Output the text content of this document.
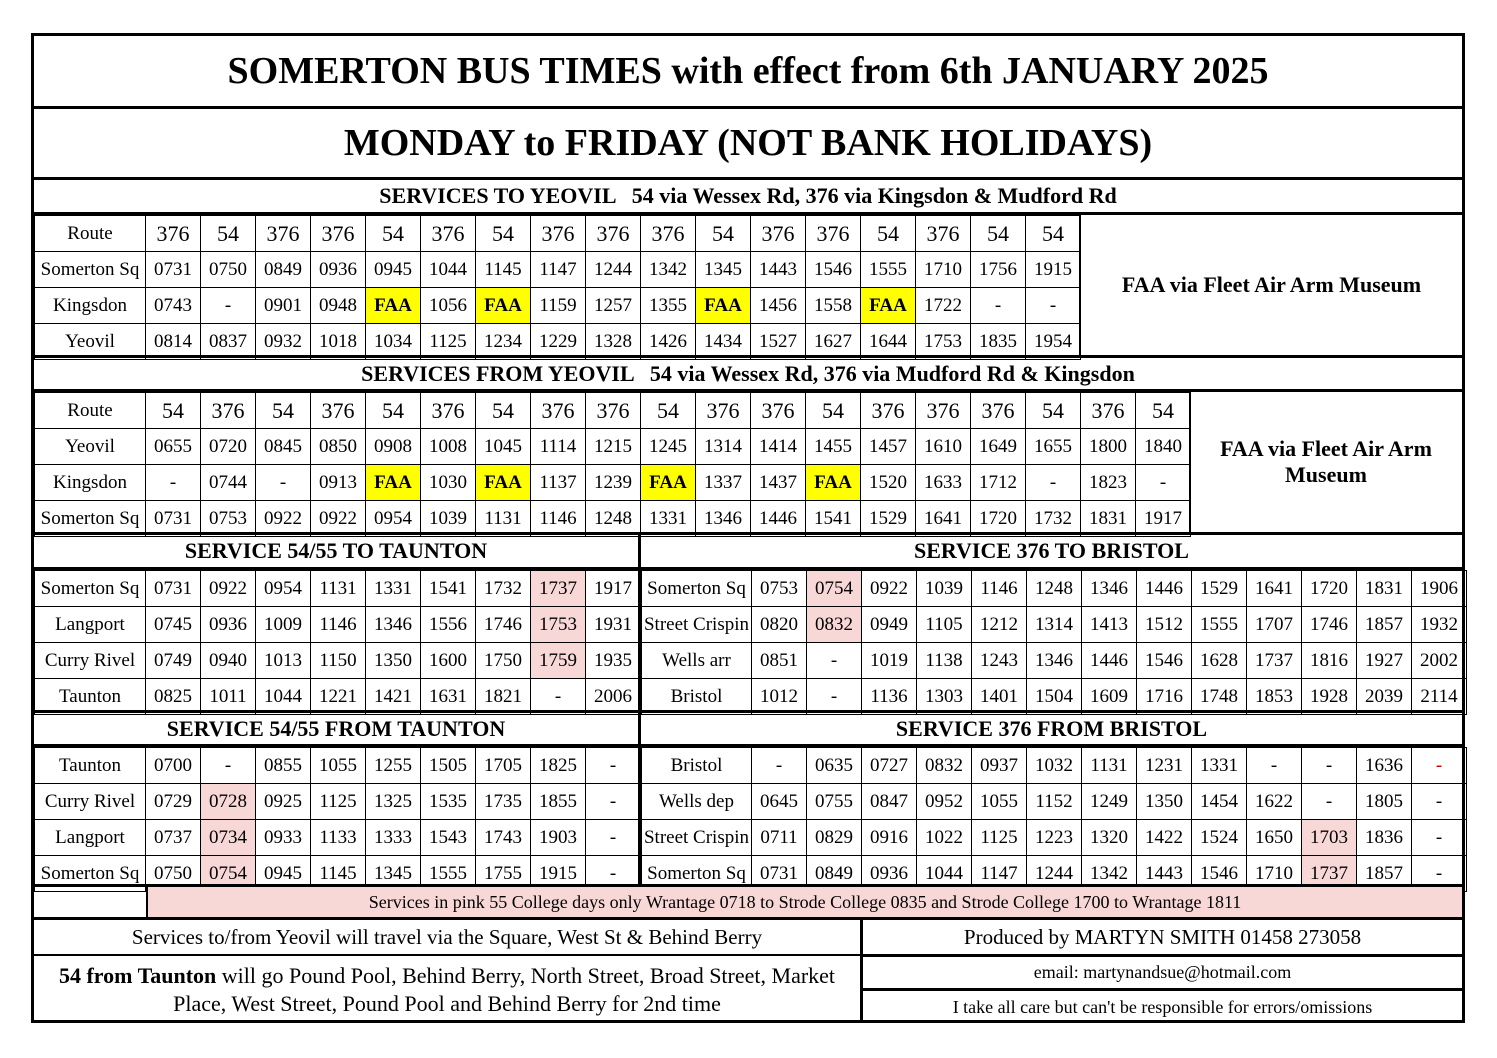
SOMERTON BUS TIMES with effect from 6th JANUARY 2025
MONDAY to FRIDAY (NOT BANK HOLIDAYS)
SERVICES TO YEOVIL   54 via Wessex Rd, 376 via Kingsdon & Mudford Rd
Route	376	54	376	376	54	376	54	376	376	376	54	376	376	54	376	54	54
Somerton Sq	0731	0750	0849	0936	0945	1044	1145	1147	1244	1342	1345	1443	1546	1555	1710	1756	1915
Kingsdon	0743	-	0901	0948	FAA	1056	FAA	1159	1257	1355	FAA	1456	1558	FAA	1722	-	-
Yeovil	0814	0837	0932	1018	1034	1125	1234	1229	1328	1426	1434	1527	1627	1644	1753	1835	1954
FAA via Fleet Air Arm Museum
SERVICES FROM YEOVIL   54 via Wessex Rd, 376 via Mudford Rd & Kingsdon
Route	54	376	54	376	54	376	54	376	376	54	376	376	54	376	376	376	54	376	54
Yeovil	0655	0720	0845	0850	0908	1008	1045	1114	1215	1245	1314	1414	1455	1457	1610	1649	1655	1800	1840
Kingsdon	-	0744	-	0913	FAA	1030	FAA	1137	1239	FAA	1337	1437	FAA	1520	1633	1712	-	1823	-
Somerton Sq	0731	0753	0922	0922	0954	1039	1131	1146	1248	1331	1346	1446	1541	1529	1641	1720	1732	1831	1917
FAA via Fleet Air Arm Museum
SERVICE 54/55 TO TAUNTON	SERVICE 376 TO BRISTOL
Somerton Sq	0731	0922	0954	1131	1331	1541	1732	1737	1917
Langport	0745	0936	1009	1146	1346	1556	1746	1753	1931
Curry Rivel	0749	0940	1013	1150	1350	1600	1750	1759	1935
Taunton	0825	1011	1044	1221	1421	1631	1821	-	2006
Somerton Sq	0753	0754	0922	1039	1146	1248	1346	1446	1529	1641	1720	1831	1906
Street Crispin	0820	0832	0949	1105	1212	1314	1413	1512	1555	1707	1746	1857	1932
Wells arr	0851	-	1019	1138	1243	1346	1446	1546	1628	1737	1816	1927	2002
Bristol	1012	-	1136	1303	1401	1504	1609	1716	1748	1853	1928	2039	2114
SERVICE 54/55 FROM TAUNTON	SERVICE 376 FROM BRISTOL
Taunton	0700	-	0855	1055	1255	1505	1705	1825	-
Curry Rivel	0729	0728	0925	1125	1325	1535	1735	1855	-
Langport	0737	0734	0933	1133	1333	1543	1743	1903	-
Somerton Sq	0750	0754	0945	1145	1345	1555	1755	1915	-
Bristol	-	0635	0727	0832	0937	1032	1131	1231	1331	-	-	1636	-
Wells dep	0645	0755	0847	0952	1055	1152	1249	1350	1454	1622	-	1805	-
Street Crispin	0711	0829	0916	1022	1125	1223	1320	1422	1524	1650	1703	1836	-
Somerton Sq	0731	0849	0936	1044	1147	1244	1342	1443	1546	1710	1737	1857	-
Services in pink 55 College days only Wrantage 0718 to Strode College 0835 and Strode College 1700 to Wrantage 1811
Services to/from Yeovil will travel via the Square, West St & Behind Berry
54 from Taunton will go Pound Pool, Behind Berry, North Street, Broad Street, Market Place, West Street, Pound Pool and Behind Berry for 2nd time
Produced by MARTYN SMITH 01458 273058
email: martynandsue@hotmail.com
I take all care but can't be responsible for errors/omissions
